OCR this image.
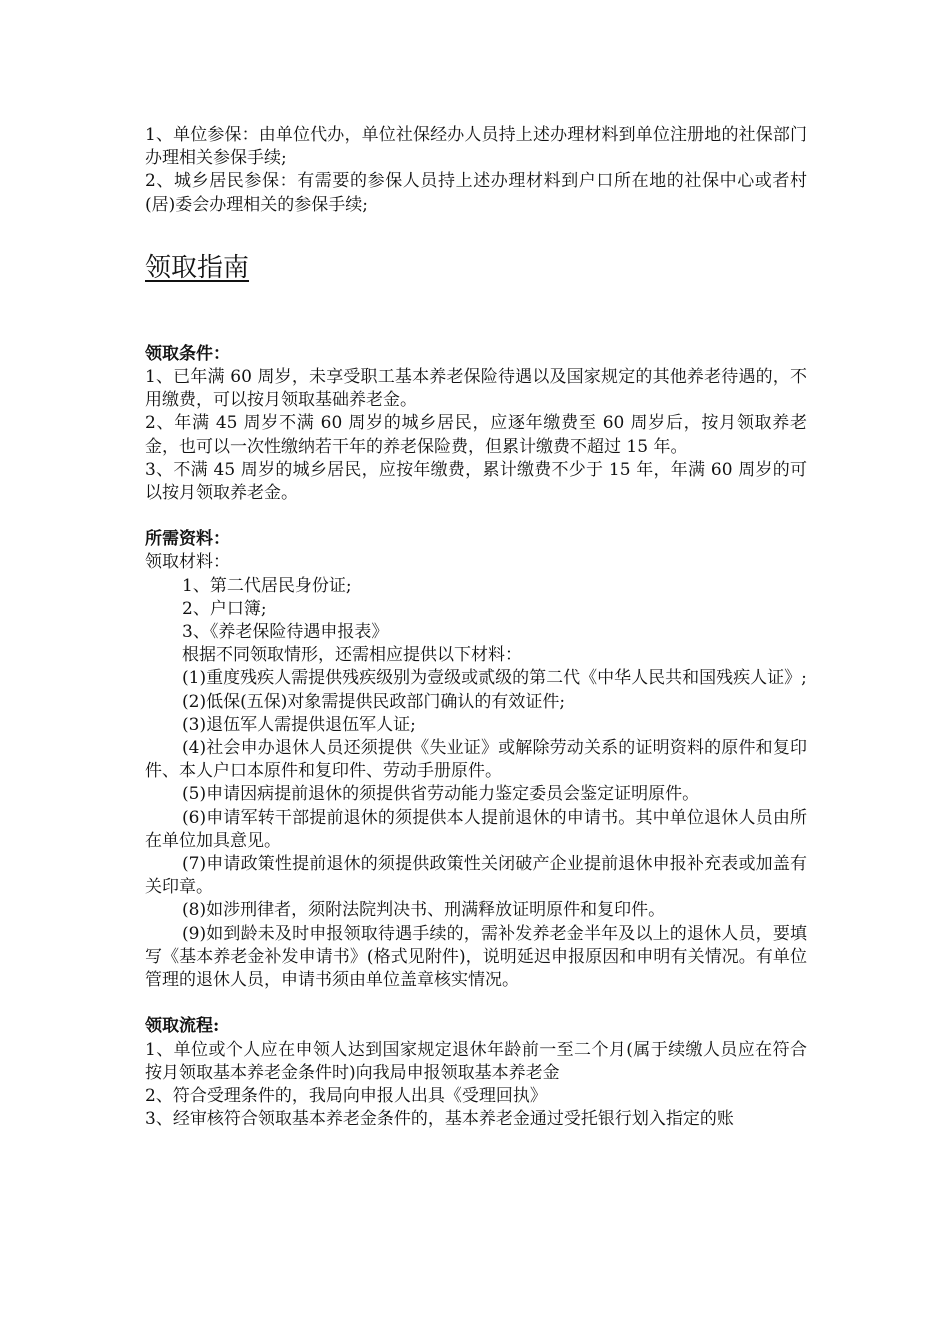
1、单位参保：由单位代办，单位社保经办人员持上述办理材料到单位注册地的社保部门办理相关参保手续;

2、城乡居民参保：有需要的参保人员持上述办理材料到户口所在地的社保中心或者村(居)委会办理相关的参保手续;

领取指南

领取条件：

1、已年满 60 周岁，未享受职工基本养老保险待遇以及国家规定的其他养老待遇的，不用缴费，可以按月领取基础养老金。

2、年满 45 周岁不满 60 周岁的城乡居民，应逐年缴费至 60 周岁后，按月领取养老金，也可以一次性缴纳若干年的养老保险费，但累计缴费不超过 15 年。

3、不满 45 周岁的城乡居民，应按年缴费，累计缴费不少于 15 年，年满 60 周岁的可以按月领取养老金。

所需资料：

领取材料：

1、第二代居民身份证;

2、户口簿;

3、《养老保险待遇申报表》

根据不同领取情形，还需相应提供以下材料：

(1)重度残疾人需提供残疾级别为壹级或贰级的第二代《中华人民共和国残疾人证》;

(2)低保(五保)对象需提供民政部门确认的有效证件;

(3)退伍军人需提供退伍军人证;

(4)社会申办退休人员还须提供《失业证》或解除劳动关系的证明资料的原件和复印件、本人户口本原件和复印件、劳动手册原件。

(5)申请因病提前退休的须提供省劳动能力鉴定委员会鉴定证明原件。

(6)申请军转干部提前退休的须提供本人提前退休的申请书。其中单位退休人员由所在单位加具意见。

(7)申请政策性提前退休的须提供政策性关闭破产企业提前退休申报补充表或加盖有关印章。

(8)如涉刑律者，须附法院判决书、刑满释放证明原件和复印件。

(9)如到龄未及时申报领取待遇手续的，需补发养老金半年及以上的退休人员，要填写《基本养老金补发申请书》(格式见附件)，说明延迟申报原因和申明有关情况。有单位管理的退休人员，申请书须由单位盖章核实情况。

领取流程:

1、单位或个人应在申领人达到国家规定退休年龄前一至二个月(属于续缴人员应在符合按月领取基本养老金条件时)向我局申报领取基本养老金

2、符合受理条件的，我局向申报人出具《受理回执》

3、经审核符合领取基本养老金条件的，基本养老金通过受托银行划入指定的账
